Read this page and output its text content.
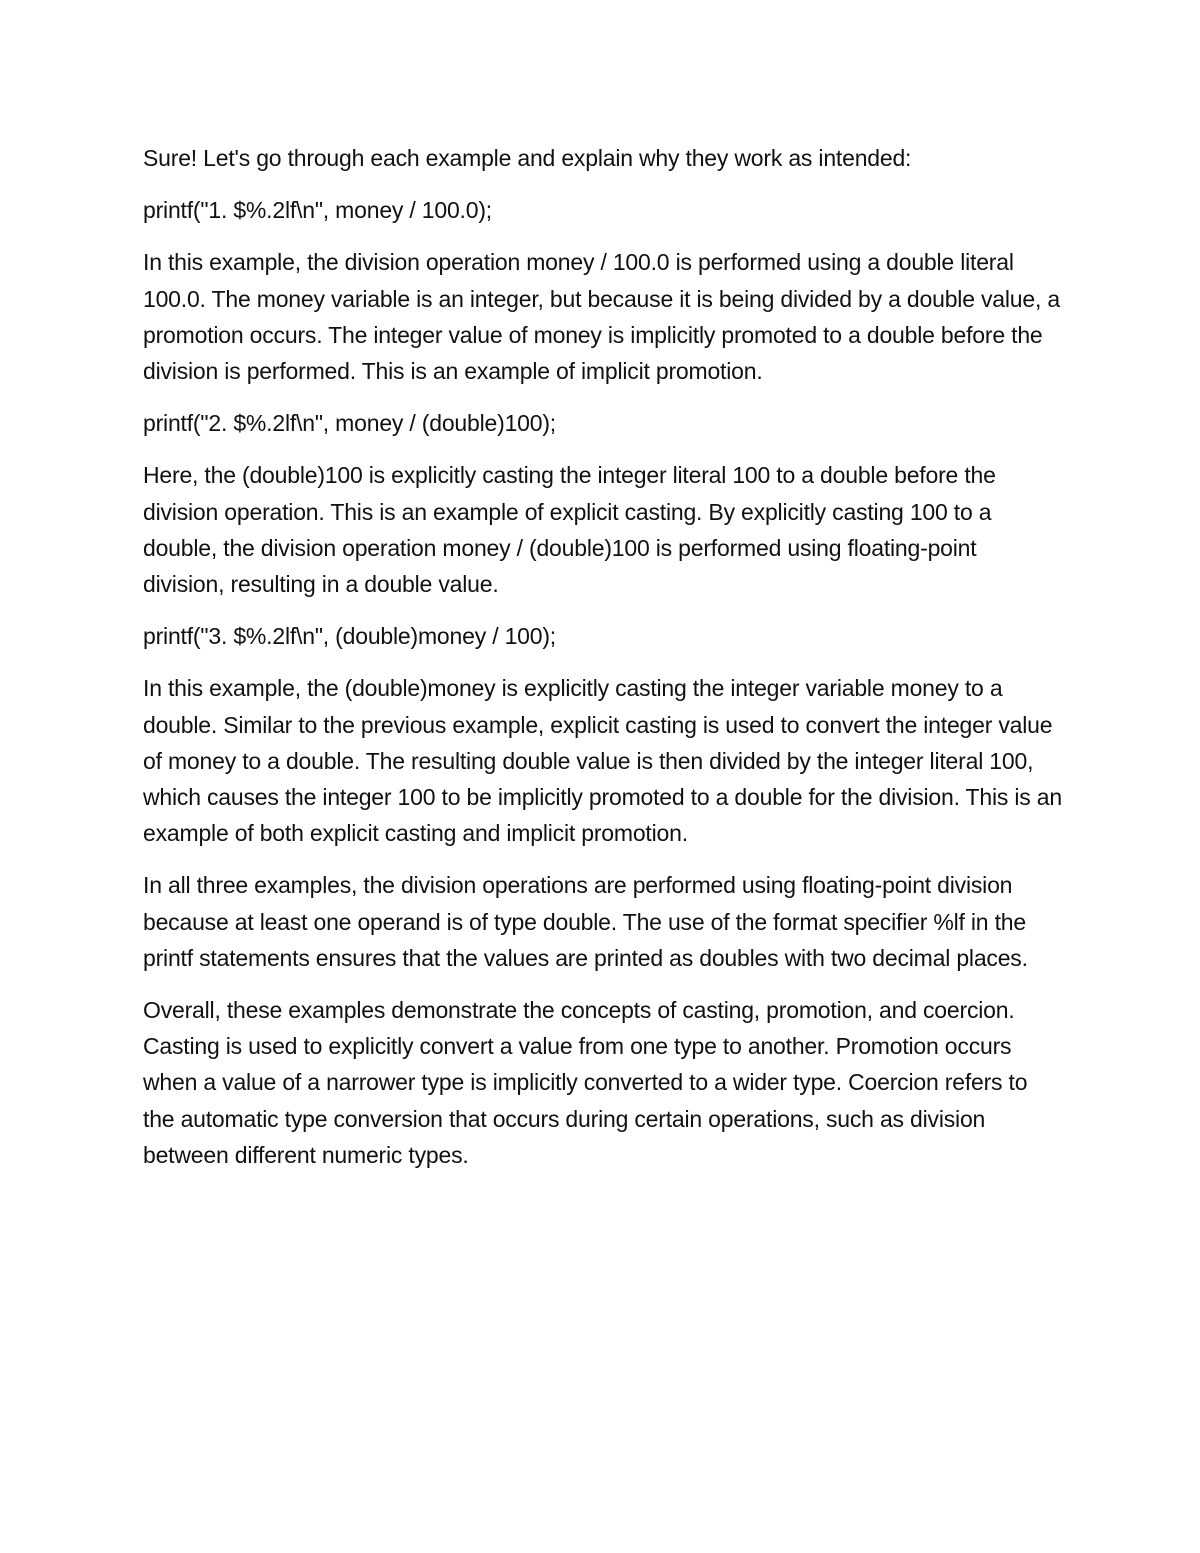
Sure! Let's go through each example and explain why they work as intended:

printf("1. $%.2lf\n", money / 100.0);

In this example, the division operation money / 100.0 is performed using a double literal 100.0. The money variable is an integer, but because it is being divided by a double value, a promotion occurs. The integer value of money is implicitly promoted to a double before the division is performed. This is an example of implicit promotion.

printf("2. $%.2lf\n", money / (double)100);

Here, the (double)100 is explicitly casting the integer literal 100 to a double before the division operation. This is an example of explicit casting. By explicitly casting 100 to a double, the division operation money / (double)100 is performed using floating-point division, resulting in a double value.

printf("3. $%.2lf\n", (double)money / 100);

In this example, the (double)money is explicitly casting the integer variable money to a double. Similar to the previous example, explicit casting is used to convert the integer value of money to a double. The resulting double value is then divided by the integer literal 100, which causes the integer 100 to be implicitly promoted to a double for the division. This is an example of both explicit casting and implicit promotion.

In all three examples, the division operations are performed using floating-point division because at least one operand is of type double. The use of the format specifier %lf in the printf statements ensures that the values are printed as doubles with two decimal places.

Overall, these examples demonstrate the concepts of casting, promotion, and coercion. Casting is used to explicitly convert a value from one type to another. Promotion occurs when a value of a narrower type is implicitly converted to a wider type. Coercion refers to the automatic type conversion that occurs during certain operations, such as division between different numeric types.
